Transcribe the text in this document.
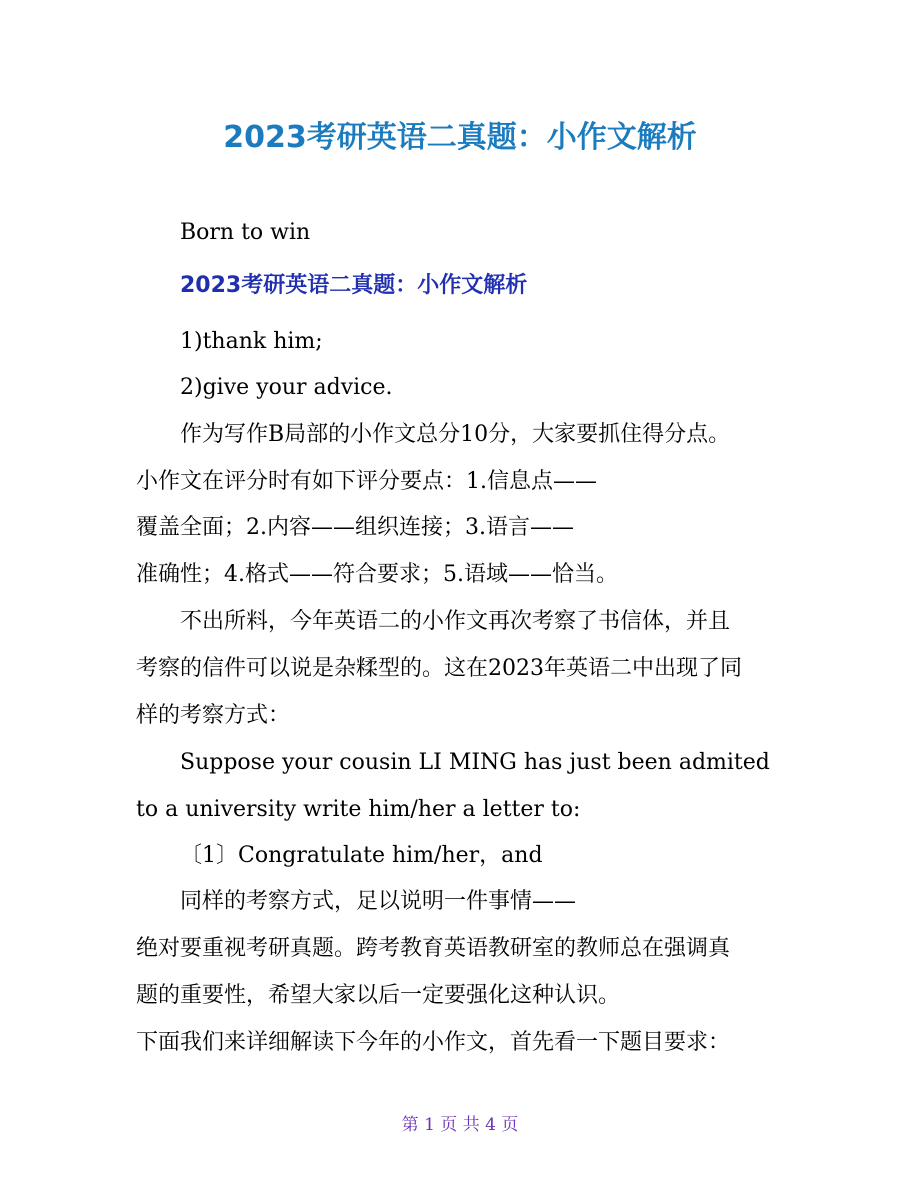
2023考研英语二真题：小作文解析
Born to win
2023考研英语二真题：小作文解析
1)thank him;
2)give your advice.
作为写作B局部的小作文总分10分，大家要抓住得分点。
小作文在评分时有如下评分要点：1.信息点——
覆盖全面；2.内容——组织连接；3.语言——
准确性；4.格式——符合要求；5.语域——恰当。
不出所料，今年英语二的小作文再次考察了书信体，并且
考察的信件可以说是杂糅型的。这在2023年英语二中出现了同
样的考察方式：
Suppose your cousin LI MING has just been admited
to a university write him/her a letter to:
〔1〕Congratulate him/her，and
同样的考察方式，足以说明一件事情——
绝对要重视考研真题。跨考教育英语教研室的教师总在强调真
题的重要性，希望大家以后一定要强化这种认识。
下面我们来详细解读下今年的小作文，首先看一下题目要求：
第 1 页 共 4 页
